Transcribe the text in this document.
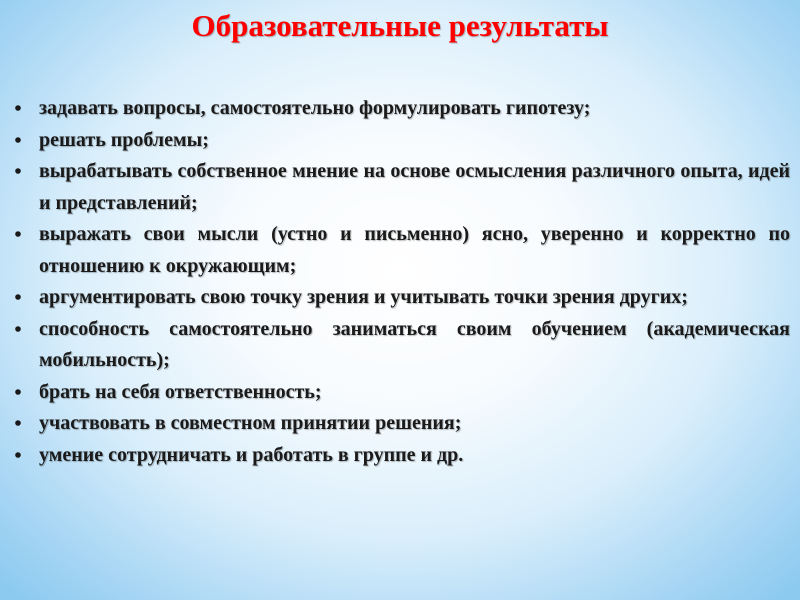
Образовательные результаты
задавать вопросы, самостоятельно формулировать гипотезу;
решать проблемы;
вырабатывать собственное мнение на основе осмысления различного опыта, идей и представлений;
выражать свои мысли (устно и письменно) ясно, уверенно и корректно по отношению к окружающим;
аргументировать свою точку зрения и учитывать точки зрения других;
способность самостоятельно заниматься своим обучением (академическая мобильность);
брать на себя ответственность;
участвовать в совместном принятии решения;
умение сотрудничать и работать в группе и др.
